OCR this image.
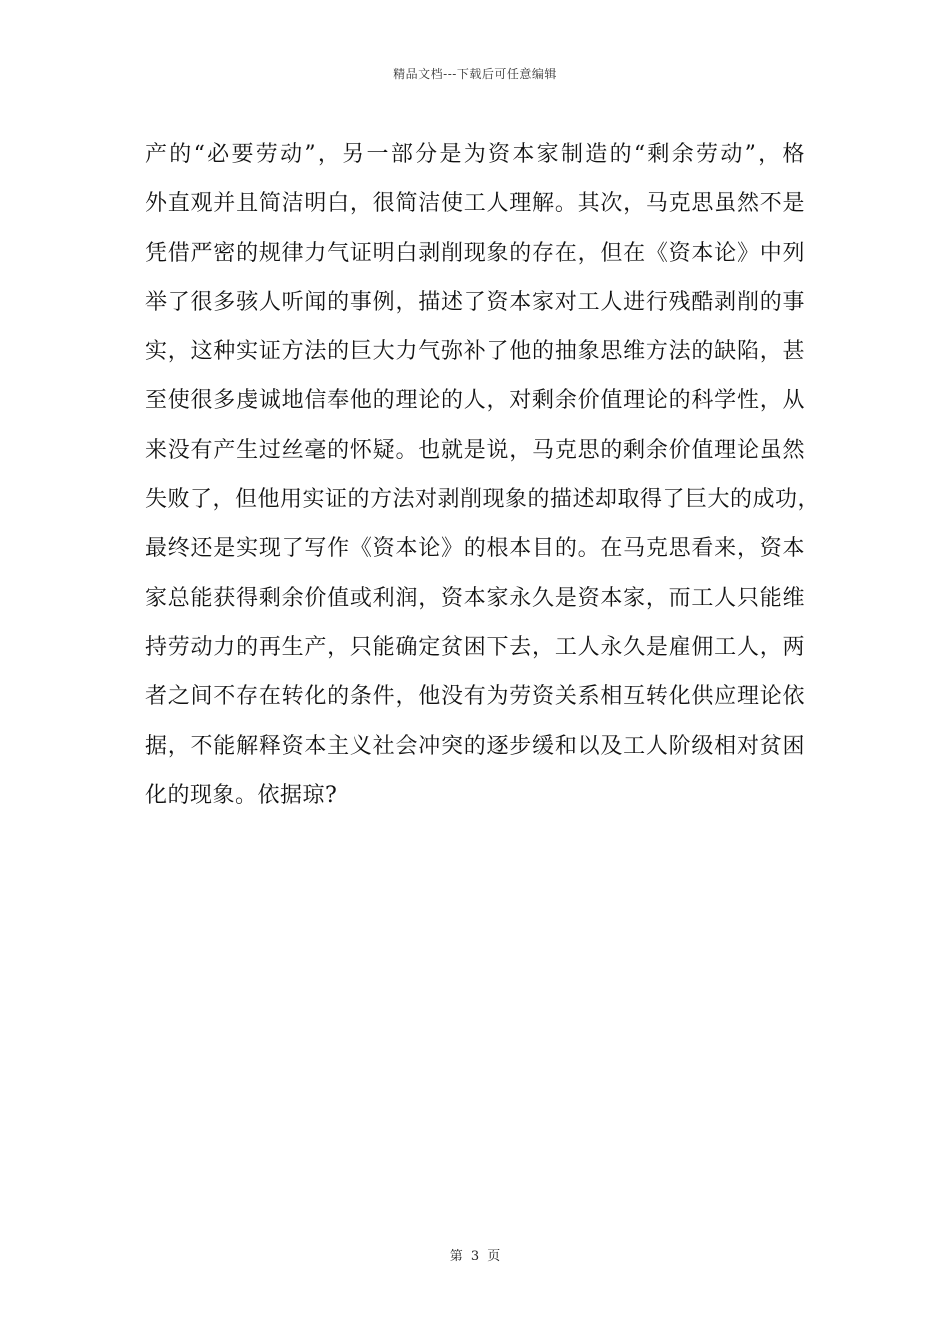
精品文档---下载后可任意编辑
产的“必要劳动”，另一部分是为资本家制造的“剩余劳动”，格
外直观并且简洁明白，很简洁使工人理解。其次，马克思虽然不是
凭借严密的规律力气证明白剥削现象的存在，但在《资本论》中列
举了很多骇人听闻的事例，描述了资本家对工人进行残酷剥削的事
实，这种实证方法的巨大力气弥补了他的抽象思维方法的缺陷，甚
至使很多虔诚地信奉他的理论的人，对剩余价值理论的科学性，从
来没有产生过丝毫的怀疑。也就是说，马克思的剩余价值理论虽然
失败了，但他用实证的方法对剥削现象的描述却取得了巨大的成功，
最终还是实现了写作《资本论》的根本目的。在马克思看来，资本
家总能获得剩余价值或利润，资本家永久是资本家，而工人只能维
持劳动力的再生产，只能确定贫困下去，工人永久是雇佣工人，两
者之间不存在转化的条件，他没有为劳资关系相互转化供应理论依
据，不能解释资本主义社会冲突的逐步缓和以及工人阶级相对贫困
化的现象。依据琼?
第 3 页
